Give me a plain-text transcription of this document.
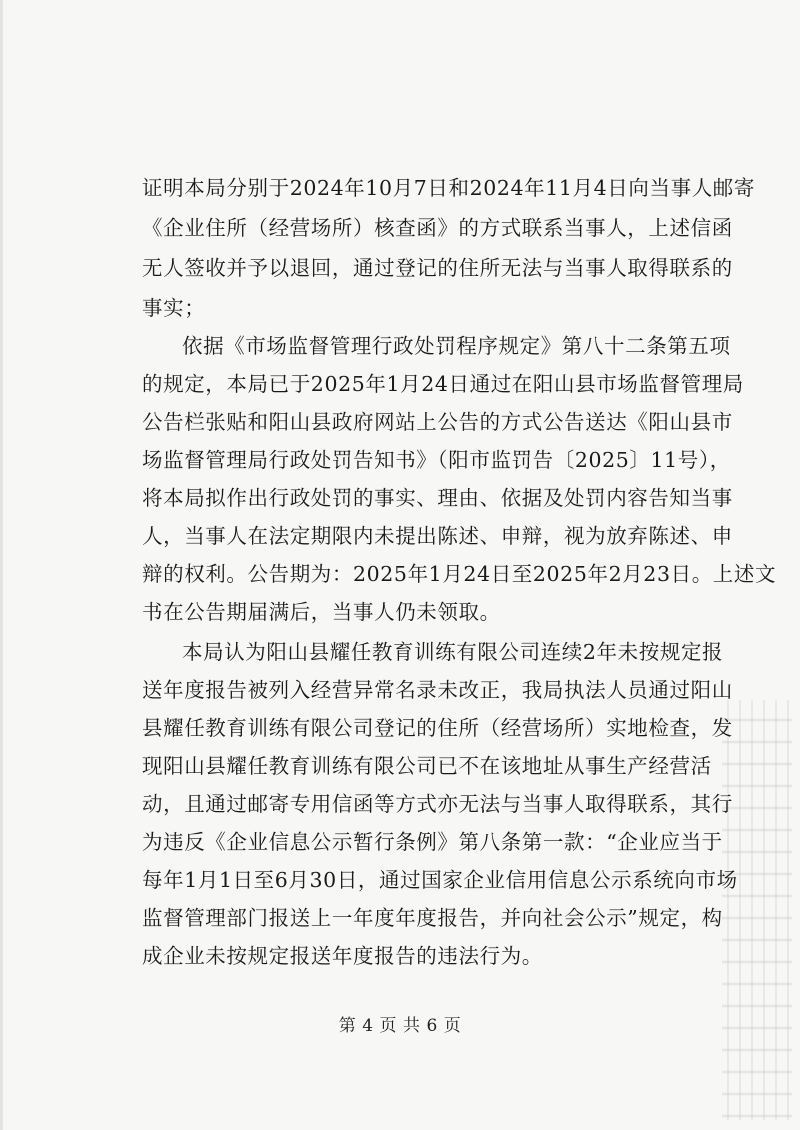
证明本局分别于2024年10月7日和2024年11月4日向当事人邮寄
《企业住所（经营场所）核查函》的方式联系当事人，上述信函
无人签收并予以退回，通过登记的住所无法与当事人取得联系的
事实；
依据《市场监督管理行政处罚程序规定》第八十二条第五项
的规定，本局已于2025年1月24日通过在阳山县市场监督管理局
公告栏张贴和阳山县政府网站上公告的方式公告送达《阳山县市
场监督管理局行政处罚告知书》（阳市监罚告〔2025〕11号），
将本局拟作出行政处罚的事实、理由、依据及处罚内容告知当事
人，当事人在法定期限内未提出陈述、申辩，视为放弃陈述、申
辩的权利。公告期为：2025年1月24日至2025年2月23日。上述文
书在公告期届满后，当事人仍未领取。
本局认为阳山县耀任教育训练有限公司连续2年未按规定报
送年度报告被列入经营异常名录未改正，我局执法人员通过阳山
县耀任教育训练有限公司登记的住所（经营场所）实地检查，发
现阳山县耀任教育训练有限公司已不在该地址从事生产经营活
动，且通过邮寄专用信函等方式亦无法与当事人取得联系，其行
为违反《企业信息公示暂行条例》第八条第一款：“企业应当于
每年1月1日至6月30日，通过国家企业信用信息公示系统向市场
监督管理部门报送上一年度年度报告，并向社会公示”规定，构
成企业未按规定报送年度报告的违法行为。
第 4 页 共 6 页
